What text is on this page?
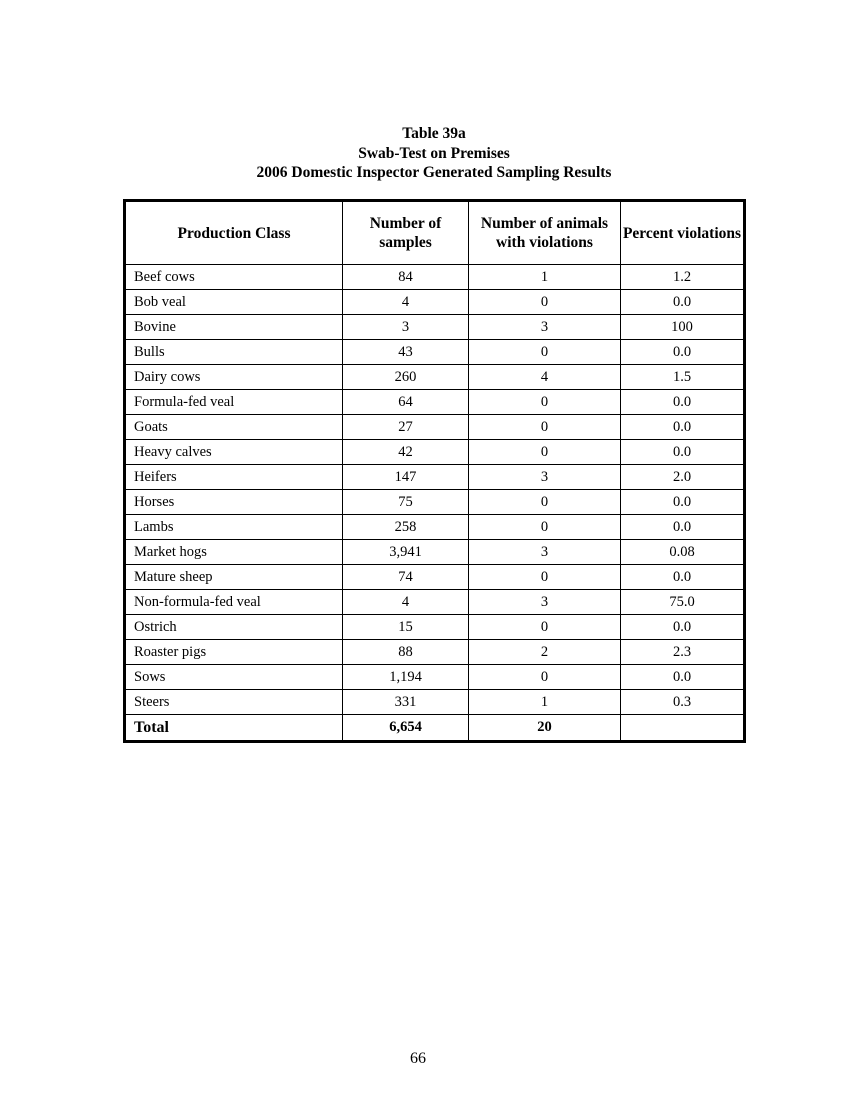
Table 39a
Swab-Test on Premises
2006 Domestic Inspector Generated Sampling Results
Production Class	Number of samples	Number of animals with violations	Percent violations
Beef cows	84	1	1.2
Bob veal	4	0	0.0
Bovine	3	3	100
Bulls	43	0	0.0
Dairy cows	260	4	1.5
Formula-fed veal	64	0	0.0
Goats	27	0	0.0
Heavy calves	42	0	0.0
Heifers	147	3	2.0
Horses	75	0	0.0
Lambs	258	0	0.0
Market hogs	3,941	3	0.08
Mature sheep	74	0	0.0
Non-formula-fed veal	4	3	75.0
Ostrich	15	0	0.0
Roaster pigs	88	2	2.3
Sows	1,194	0	0.0
Steers	331	1	0.3
Total	6,654	20	
66
